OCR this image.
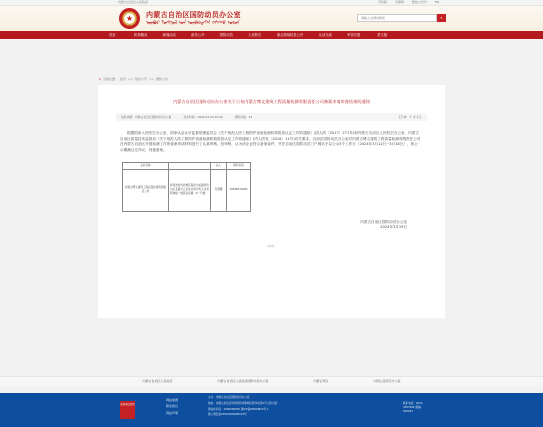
内蒙古自治区人民政府	手机版	无障碍	微信公众号	EN
★	内蒙古自治区国防动员办公室
ᠦᠪᠦᠷ ᠮᠣᠩᠭᠣᠯ ᠤᠨ ᠥᠪᠡᠷᠲᠡᠭᠡᠨ ᠵᠠᠰᠠᠬᠤ ᠣᠷᠤᠨ
请输入关键词搜索
⌕
首页	机构概况	新闻动态	政务公开	国防动员	人民防空	重点领域信息公开	互动交流	军民共建	蒙文版
⌂ 当前位置： 首页 >> 信息公开 >> 通知公告
内蒙古自治区国防动员办公室关于公布内蒙古博文建筑工程质量检测有限责任公司备案申请审查结果的通知
信息来源：内蒙古自治区国防动员办公室	发布时间：2024-03-19 14:46	浏览次数：32	【字体：大 中 小】

根据国家人民防空办公室、国家认证认可监督管理委员会《关于规范人防工程防护设备检测机构资质认定工作的通知》(国人防〔2017〕271号)和内蒙古自治区人民防空办公室、内蒙古自治区质量技术监督局《关于规范人防工程防护设备检测机构资质认定工作的通知》(内人防发〔2018〕11号)有关要求，自治区国防动员办公室对内蒙古博文建筑工程质量检测有限责任公司在内蒙古自治区开展检测工作的备案申请材料进行了认真审核。经审核，认为该企业符合备案条件，并在自治区国防动员门户网站予以公示5个工作日（2024年3月12日~3月18日），现公示期满且无异议，同意备案。

企业名称		法人	联系电话
内蒙古博文建筑工程质量检测有限责任公司	呼和浩特市新城区海拉尔东路和科尔沁北路交汇处东北角中发大东苑明珠楼一楼商业房屋（2）号楼	乌恩娜	18048378182
内蒙古自治区国防动员办公室
2024年3月19日
分享到：
内蒙古自治区人民政府	内蒙古自治区人民政府国防动员办公室	内蒙古军区	中国人民防空办公室
政府网站找错
网站地图
联系我们
网站声明
主办：内蒙古自治区国防动员办公室
地址：内蒙古自治区呼和浩特市新城区新华东街1号人防大厦
网站标识码：1500000055 蒙ICP备05000813号-1
蒙公网安备15010502000123号
联系电话：0471-3363192 邮编：010051
